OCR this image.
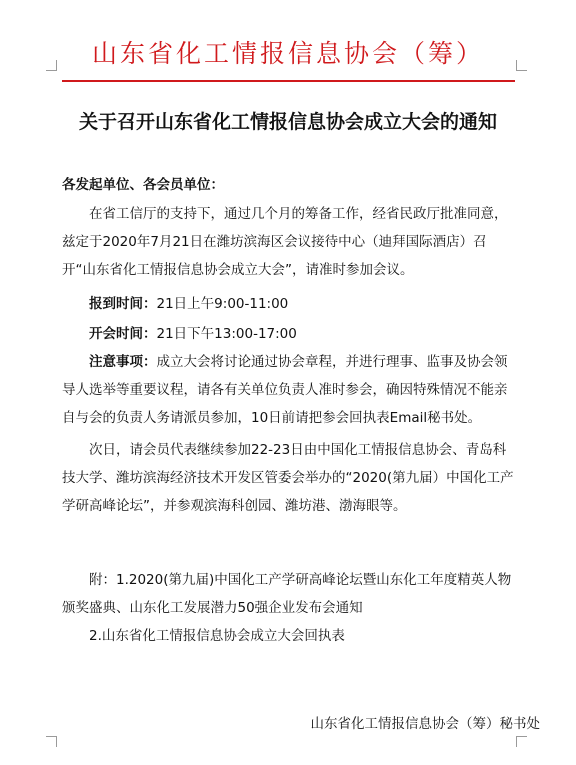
山东省化工情报信息协会（筹）
关于召开山东省化工情报信息协会成立大会的通知
各发起单位、各会员单位：
在省工信厅的支持下，通过几个月的筹备工作，经省民政厅批准同意，兹定于2020年7月21日在潍坊滨海区会议接待中心（迪拜国际酒店）召开“山东省化工情报信息协会成立大会”，请准时参加会议。
报到时间：21日上午9:00-11:00
开会时间：21日下午13:00-17:00
注意事项：成立大会将讨论通过协会章程，并进行理事、监事及协会领导人选举等重要议程，请各有关单位负责人准时参会，确因特殊情况不能亲自与会的负责人务请派员参加，10日前请把参会回执表Email秘书处。
次日，请会员代表继续参加22-23日由中国化工情报信息协会、青岛科技大学、潍坊滨海经济技术开发区管委会举办的“2020(第九届）中国化工产学研高峰论坛”，并参观滨海科创园、潍坊港、渤海眼等。
附：1.2020(第九届)中国化工产学研高峰论坛暨山东化工年度精英人物颁奖盛典、山东化工发展潜力50强企业发布会通知
2.山东省化工情报信息协会成立大会回执表
山东省化工情报信息协会（筹）秘书处
